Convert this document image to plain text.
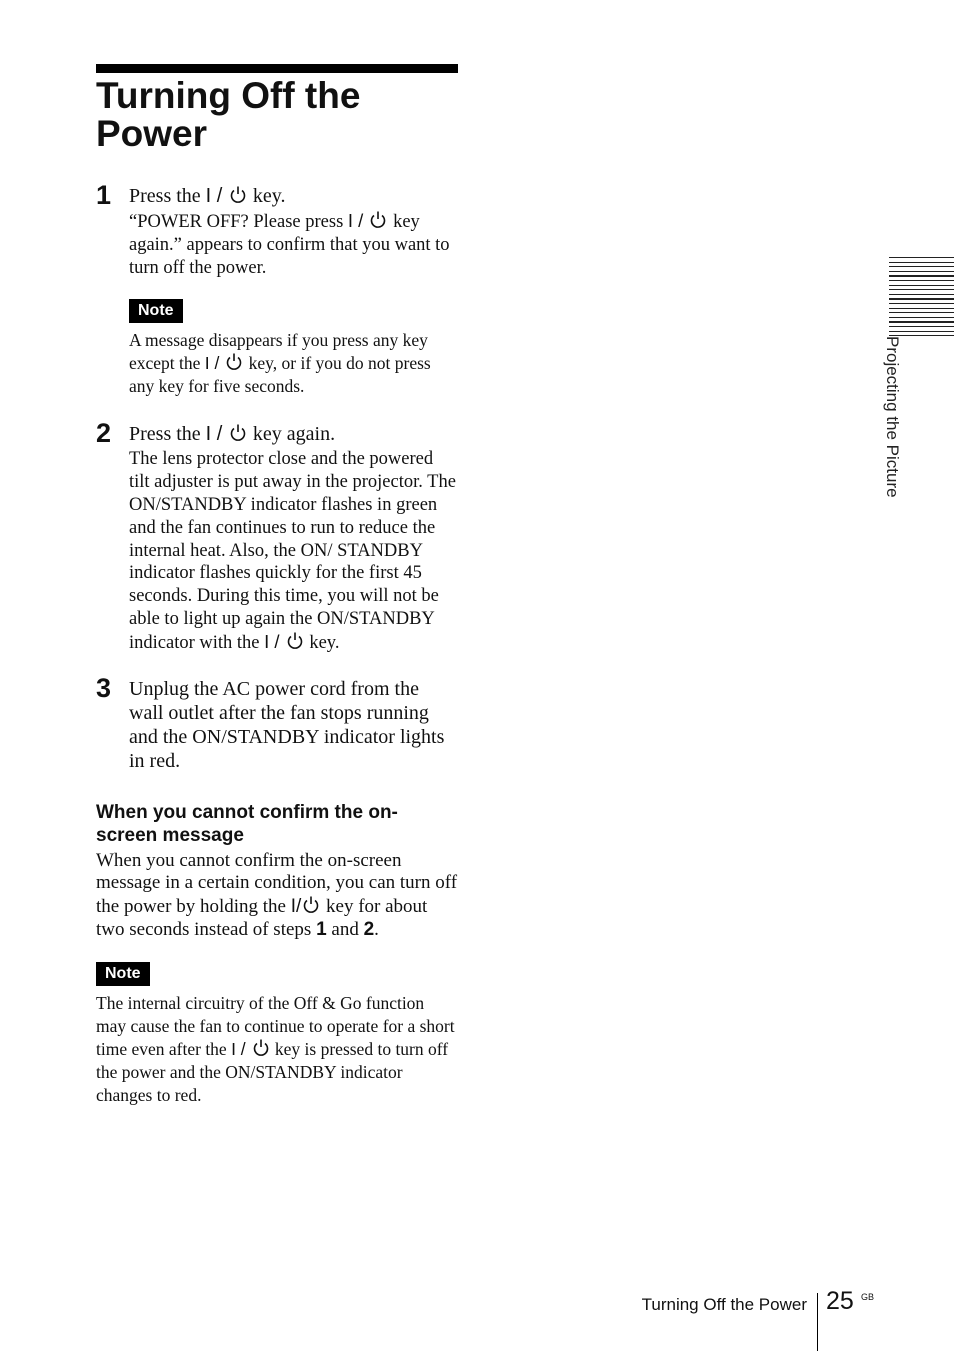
Turning Off the Power
1 Press the I /  key.
“POWER OFF? Please press I /  key again.” appears to confirm that you want to turn off the power.
Note
A message disappears if you press any key except the I /  key, or if you do not press any key for five seconds.
2 Press the I /  key again.
The lens protector close and the powered tilt adjuster is put away in the projector. The ON/STANDBY indicator flashes in green and the fan continues to run to reduce the internal heat. Also, the ON/ STANDBY indicator flashes quickly for the first 45 seconds. During this time, you will not be able to light up again the ON/STANDBY indicator with the I /  key.
3 Unplug the AC power cord from the wall outlet after the fan stops running and the ON/STANDBY indicator lights in red.
When you cannot confirm the on-screen message
When you cannot confirm the on-screen message in a certain condition, you can turn off the power by holding the I/ key for about two seconds instead of steps 1 and 2.
Note
The internal circuitry of the Off & Go function may cause the fan to continue to operate for a short time even after the I /  key is pressed to turn off the power and the ON/STANDBY indicator changes to red.
Projecting the Picture
Turning Off the Power 25 GB
